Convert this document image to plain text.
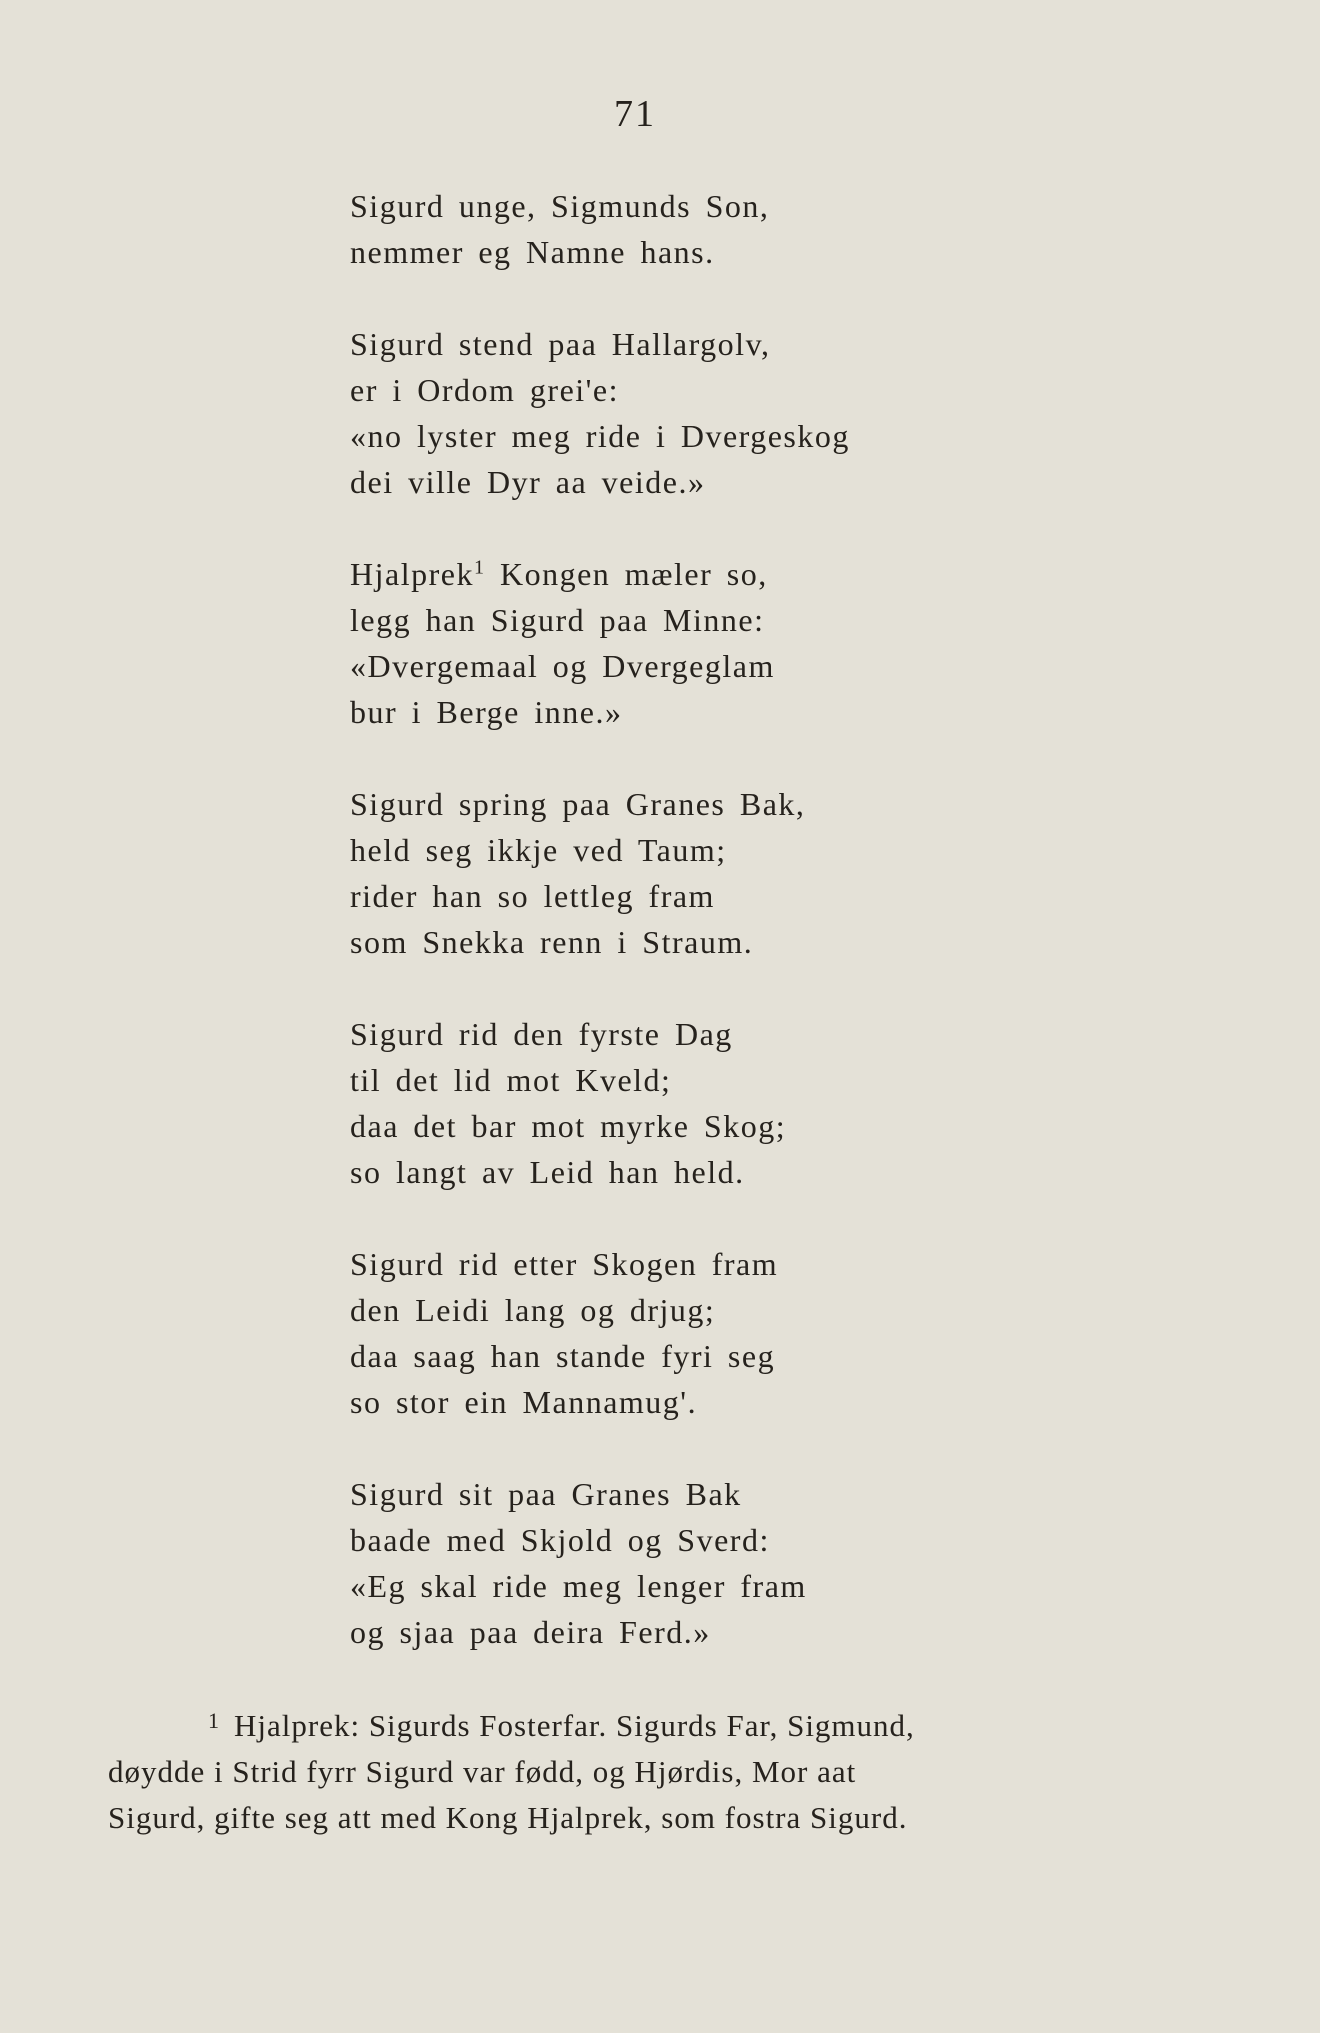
71
Sigurd unge, Sigmunds Son,
nemmer eg Namne hans.
Sigurd stend paa Hallargolv,
er i Ordom grei'e:
«no lyster meg ride i Dvergeskog
dei ville Dyr aa veide.»
Hjalprek$^1$ Kongen mæler so,
legg han Sigurd paa Minne:
«Dvergemaal og Dvergeglam
bur i Berge inne.»
Sigurd spring paa Granes Bak,
held seg ikkje ved Taum;
rider han so lettleg fram
som Snekka renn i Straum.
Sigurd rid den fyrste Dag
til det lid mot Kveld;
daa det bar mot myrke Skog;
so langt av Leid han held.
Sigurd rid etter Skogen fram
den Leidi lang og drjug;
daa saag han stande fyri seg
so stor ein Mannamug'.
Sigurd sit paa Granes Bak
baade med Skjold og Sverd:
«Eg skal ride meg lenger fram
og sjaa paa deira Ferd.»
$^1$ Hjalprek: Sigurds Fosterfar. Sigurds Far, Sigmund,
døydde i Strid fyrr Sigurd var fødd, og Hjørdis, Mor aat
Sigurd, gifte seg att med Kong Hjalprek, som fostra Sigurd.
